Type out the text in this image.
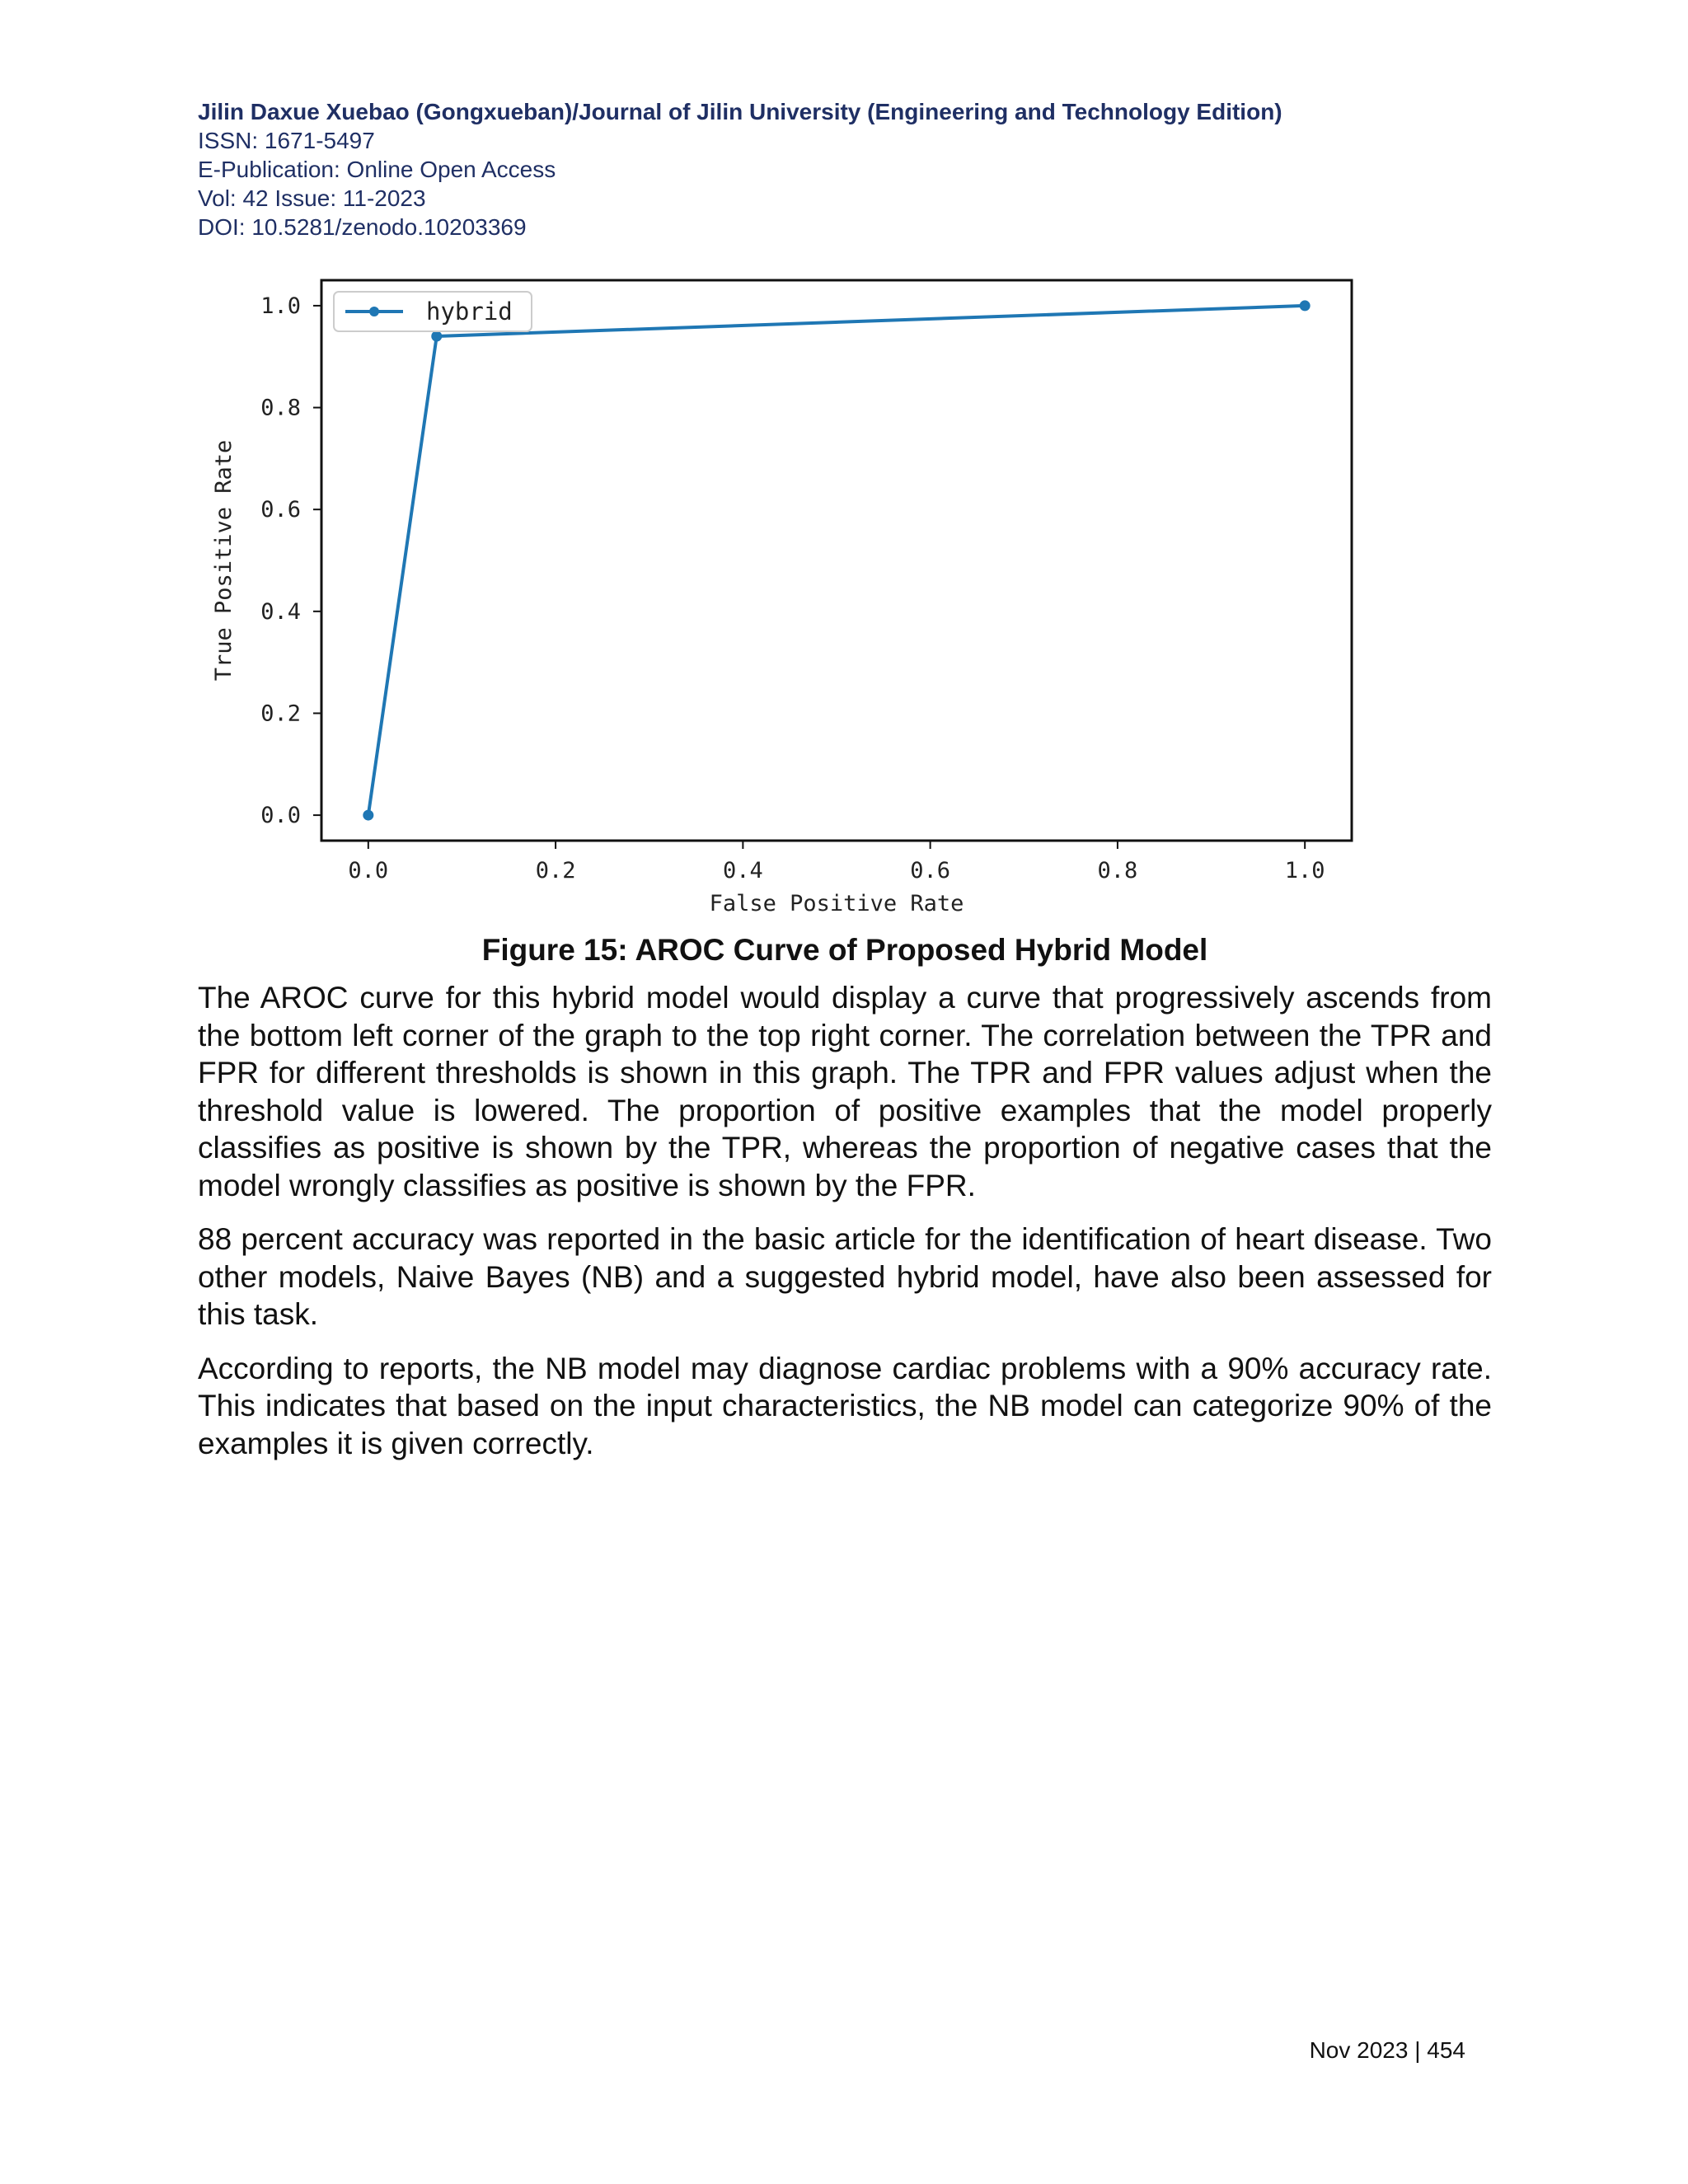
Jilin Daxue Xuebao (Gongxueban)/Journal of Jilin University (Engineering and Technology Edition)
ISSN: 1671-5497
E-Publication: Online Open Access
Vol: 42 Issue: 11-2023
DOI: 10.5281/zenodo.10203369
0.0	0.2	0.4	0.6	0.8	1.0
0.0
0.2
0.4
0.6
0.8
1.0	hybrid
False Positive Rate
True Positive Rate
Figure 15: AROC Curve of Proposed Hybrid Model

The AROC curve for this hybrid model would display a curve that progressively ascends from the bottom left corner of the graph to the top right corner. The correlation between the TPR and FPR for different thresholds is shown in this graph. The TPR and FPR values adjust when the threshold value is lowered. The proportion of positive examples that the model properly classifies as positive is shown by the TPR, whereas the proportion of negative cases that the model wrongly classifies as positive is shown by the FPR.

88 percent accuracy was reported in the basic article for the identification of heart disease. Two other models, Naive Bayes (NB) and a suggested hybrid model, have also been assessed for this task.

According to reports, the NB model may diagnose cardiac problems with a 90% accuracy rate. This indicates that based on the input characteristics, the NB model can categorize 90% of the examples it is given correctly.

Nov 2023 | 454
